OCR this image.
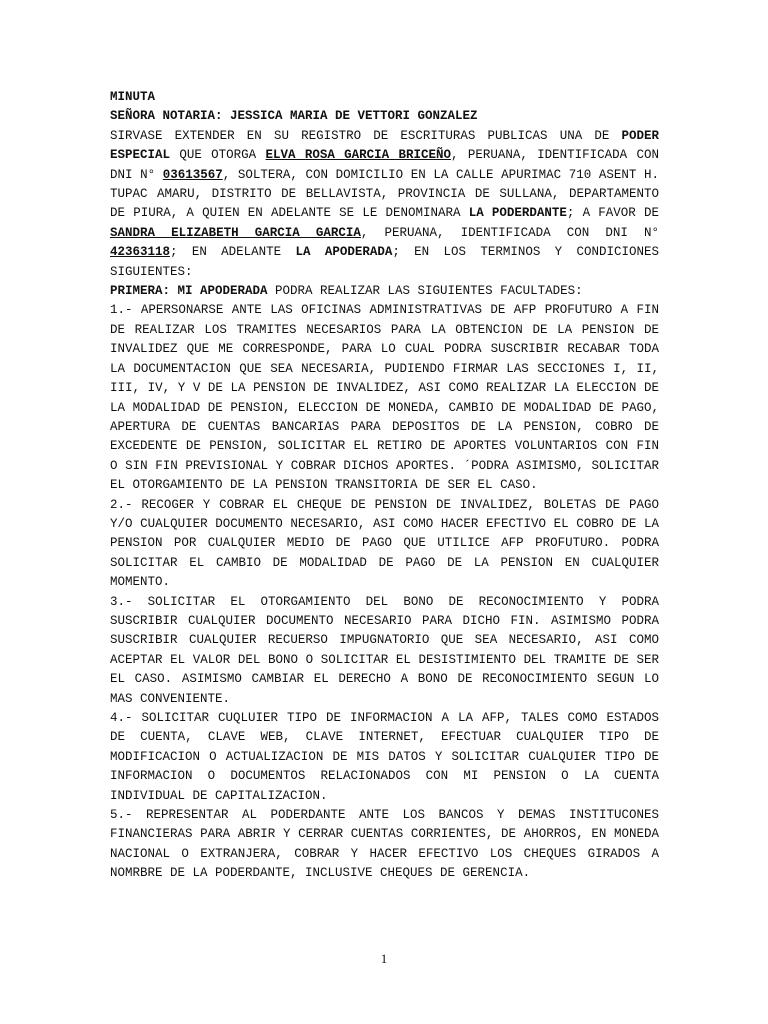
MINUTA
SEÑORA NOTARIA: JESSICA MARIA DE VETTORI GONZALEZ
SIRVASE EXTENDER EN SU REGISTRO DE ESCRITURAS PUBLICAS UNA DE PODER ESPECIAL QUE OTORGA ELVA ROSA GARCIA BRICEÑO, PERUANA, IDENTIFICADA CON DNI N° 03613567, SOLTERA, CON DOMICILIO EN LA CALLE APURIMAC 710 ASENT H. TUPAC AMARU, DISTRITO DE BELLAVISTA, PROVINCIA DE SULLANA, DEPARTAMENTO DE PIURA, A QUIEN EN ADELANTE SE LE DENOMINARA LA PODERDANTE; A FAVOR DE SANDRA ELIZABETH GARCIA GARCIA, PERUANA, IDENTIFICADA CON DNI N° 42363118; EN ADELANTE LA APODERADA; EN LOS TERMINOS Y CONDICIONES SIGUIENTES:
PRIMERA: MI APODERADA PODRA REALIZAR LAS SIGUIENTES FACULTADES:
1.- APERSONARSE ANTE LAS OFICINAS ADMINISTRATIVAS DE AFP PROFUTURO A FIN DE REALIZAR LOS TRAMITES NECESARIOS PARA LA OBTENCION DE LA PENSION DE INVALIDEZ QUE ME CORRESPONDE, PARA LO CUAL PODRA SUSCRIBIR RECABAR TODA LA DOCUMENTACION QUE SEA NECESARIA, PUDIENDO FIRMAR LAS SECCIONES I, II, III, IV, Y V DE LA PENSION DE INVALIDEZ, ASI COMO REALIZAR LA ELECCION DE LA MODALIDAD DE PENSION, ELECCION DE MONEDA, CAMBIO DE MODALIDAD DE PAGO, APERTURA DE CUENTAS BANCARIAS PARA DEPOSITOS DE LA PENSION, COBRO DE EXCEDENTE DE PENSION, SOLICITAR EL RETIRO DE APORTES VOLUNTARIOS CON FIN O SIN FIN PREVISIONAL Y COBRAR DICHOS APORTES. ´PODRA ASIMISMO, SOLICITAR EL OTORGAMIENTO DE LA PENSION TRANSITORIA DE SER EL CASO.
2.- RECOGER Y COBRAR EL CHEQUE DE PENSION DE INVALIDEZ, BOLETAS DE PAGO Y/O CUALQUIER DOCUMENTO NECESARIO, ASI COMO HACER EFECTIVO EL COBRO DE LA PENSION POR CUALQUIER MEDIO DE PAGO QUE UTILICE AFP PROFUTURO. PODRA SOLICITAR EL CAMBIO DE MODALIDAD DE PAGO DE LA PENSION EN CUALQUIER MOMENTO.
3.- SOLICITAR EL OTORGAMIENTO DEL BONO DE RECONOCIMIENTO Y PODRA SUSCRIBIR CUALQUIER DOCUMENTO NECESARIO PARA DICHO FIN. ASIMISMO PODRA SUSCRIBIR CUALQUIER RECUERSO IMPUGNATORIO QUE SEA NECESARIO, ASI COMO ACEPTAR EL VALOR DEL BONO O SOLICITAR EL DESISTIMIENTO DEL TRAMITE DE SER EL CASO. ASIMISMO CAMBIAR EL DERECHO A BONO DE RECONOCIMIENTO SEGUN LO MAS CONVENIENTE.
4.- SOLICITAR CUQLUIER TIPO DE INFORMACION A LA AFP, TALES COMO ESTADOS DE CUENTA, CLAVE WEB, CLAVE INTERNET, EFECTUAR CUALQUIER TIPO DE MODIFICACION O ACTUALIZACION DE MIS DATOS Y SOLICITAR CUALQUIER TIPO DE INFORMACION O DOCUMENTOS RELACIONADOS CON MI PENSION O LA CUENTA INDIVIDUAL DE CAPITALIZACION.
5.- REPRESENTAR AL PODERDANTE ANTE LOS BANCOS Y DEMAS INSTITUCONES FINANCIERAS PARA ABRIR Y CERRAR CUENTAS CORRIENTES, DE AHORROS, EN MONEDA NACIONAL O EXTRANJERA, COBRAR Y HACER EFECTIVO LOS CHEQUES GIRADOS A NOMRBRE DE LA PODERDANTE, INCLUSIVE CHEQUES DE GERENCIA.
1
